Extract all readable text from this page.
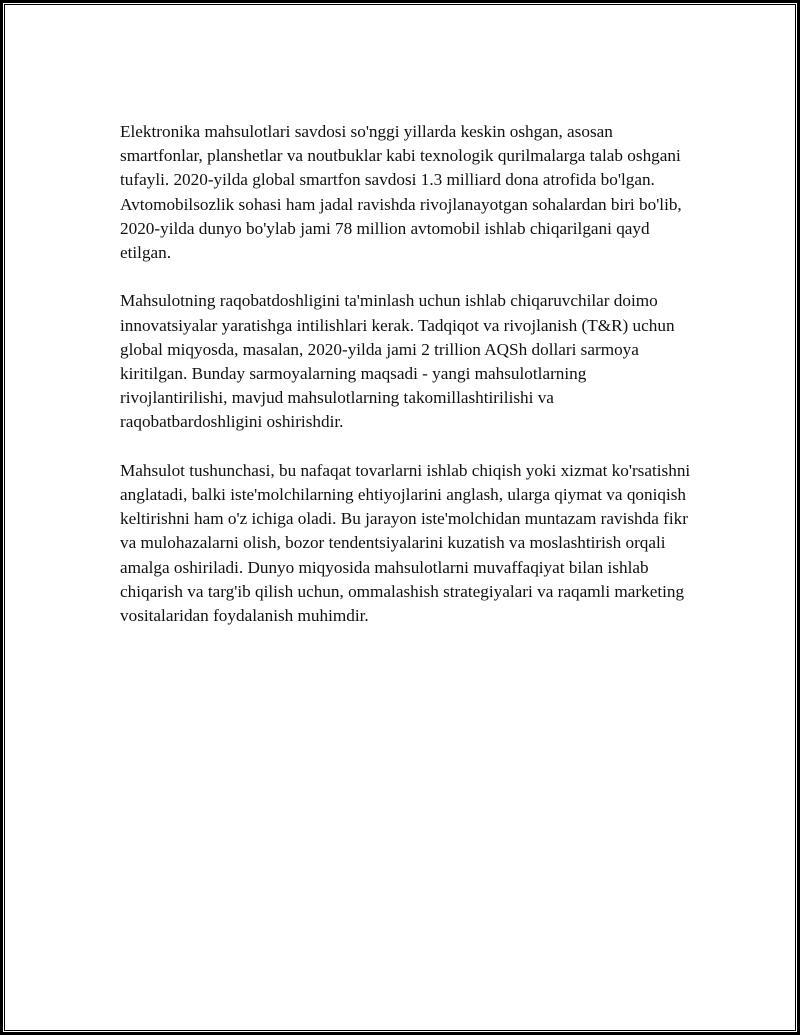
Elektronika mahsulotlari savdosi so'nggi yillarda keskin oshgan, asosan smartfonlar, planshetlar va noutbuklar kabi texnologik qurilmalarga talab oshgani tufayli. 2020-yilda global smartfon savdosi 1.3 milliard dona atrofida bo'lgan. Avtomobilsozlik sohasi ham jadal ravishda rivojlanayotgan sohalardan biri bo'lib, 2020-yilda dunyo bo'ylab jami 78 million avtomobil ishlab chiqarilgani qayd etilgan.

Mahsulotning raqobatdoshligini ta'minlash uchun ishlab chiqaruvchilar doimo innovatsiyalar yaratishga intilishlari kerak. Tadqiqot va rivojlanish (T&R) uchun global miqyosda, masalan, 2020-yilda jami 2 trillion AQSh dollari sarmoya kiritilgan. Bunday sarmoyalarning maqsadi - yangi mahsulotlarning rivojlantirilishi, mavjud mahsulotlarning takomillashtirilishi va raqobatbardoshligini oshirishdir.

Mahsulot tushunchasi, bu nafaqat tovarlarni ishlab chiqish yoki xizmat ko'rsatishni anglatadi, balki iste'molchilarning ehtiyojlarini anglash, ularga qiymat va qoniqish keltirishni ham o'z ichiga oladi. Bu jarayon iste'molchidan muntazam ravishda fikr va mulohazalarni olish, bozor tendentsiyalarini kuzatish va moslashtirish orqali amalga oshiriladi. Dunyo miqyosida mahsulotlarni muvaffaqiyat bilan ishlab chiqarish va targ'ib qilish uchun, ommalashish strategiyalari va raqamli marketing vositalaridan foydalanish muhimdir.
